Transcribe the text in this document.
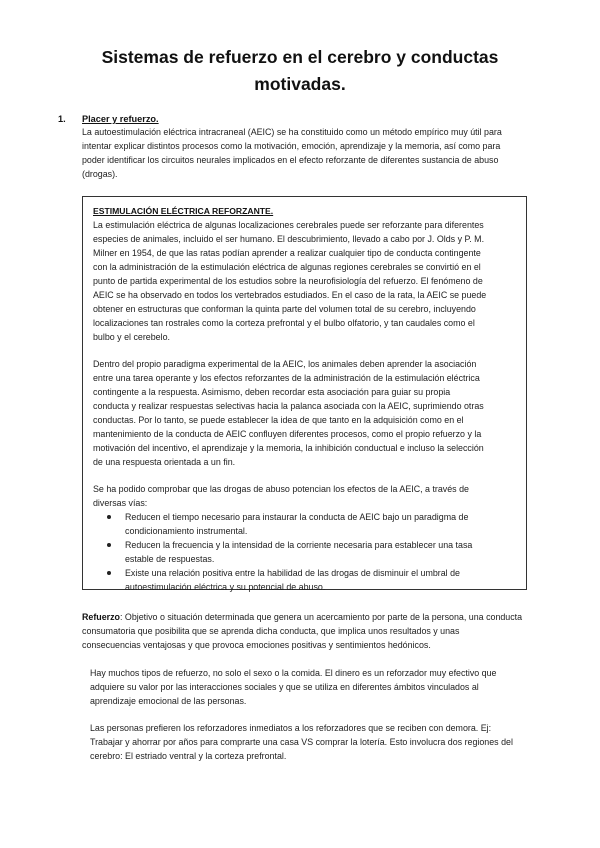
Sistemas de refuerzo en el cerebro y conductas motivadas.
1. Placer y refuerzo.
La autoestimulación eléctrica intracraneal (AEIC) se ha constituido como un método empírico muy útil para
intentar explicar distintos procesos como la motivación, emoción, aprendizaje y la memoria, así como para
poder identificar los circuitos neurales implicados en el efecto reforzante de diferentes sustancia de abuso
(drogas).
ESTIMULACIÓN ELÉCTRICA REFORZANTE.
La estimulación eléctrica de algunas localizaciones cerebrales puede ser reforzante para diferentes
especies de animales, incluido el ser humano. El descubrimiento, llevado a cabo por J. Olds y P. M.
Milner en 1954, de que las ratas podían aprender a realizar cualquier tipo de conducta contingente
con la administración de la estimulación eléctrica de algunas regiones cerebrales se convirtió en el
punto de partida experimental de los estudios sobre la neurofisiología del refuerzo. El fenómeno de
AEIC se ha observado en todos los vertebrados estudiados. En el caso de la rata, la AEIC se puede
obtener en estructuras que conforman la quinta parte del volumen total de su cerebro, incluyendo
localizaciones tan rostrales como la corteza prefrontal y el bulbo olfatorio, y tan caudales como el
bulbo y el cerebelo.
Dentro del propio paradigma experimental de la AEIC, los animales deben aprender la asociación
entre una tarea operante y los efectos reforzantes de la administración de la estimulación eléctrica
contingente a la respuesta. Asimismo, deben recordar esta asociación para guiar su propia
conducta y realizar respuestas selectivas hacia la palanca asociada con la AEIC, suprimiendo otras
conductas. Por lo tanto, se puede establecer la idea de que tanto en la adquisición como en el
mantenimiento de la conducta de AEIC confluyen diferentes procesos, como el propio refuerzo y la
motivación del incentivo, el aprendizaje y la memoria, la inhibición conductual e incluso la selección
de una respuesta orientada a un fin.
Se ha podido comprobar que las drogas de abuso potencian los efectos de la AEIC, a través de
diversas vías:
Reducen el tiempo necesario para instaurar la conducta de AEIC bajo un paradigma de
condicionamiento instrumental.
Reducen la frecuencia y la intensidad de la corriente necesaria para establecer una tasa
estable de respuestas.
Existe una relación positiva entre la habilidad de las drogas de disminuir el umbral de
autoestimulación eléctrica y su potencial de abuso.
Refuerzo: Objetivo o situación determinada que genera un acercamiento por parte de la persona, una conducta
consumatoria que posibilita que se aprenda dicha conducta, que implica unos resultados y unas
consecuencias ventajosas y que provoca emociones positivas y sentimientos hedónicos.
Hay muchos tipos de refuerzo, no solo el sexo o la comida. El dinero es un reforzador muy efectivo que
adquiere su valor por las interacciones sociales y que se utiliza en diferentes ámbitos vinculados al
aprendizaje emocional de las personas.
Las personas prefieren los reforzadores inmediatos a los reforzadores que se reciben con demora. Ej:
Trabajar y ahorrar por años para comprarte una casa VS comprar la lotería. Esto involucra dos regiones del
cerebro: El estriado ventral y la corteza prefrontal.
